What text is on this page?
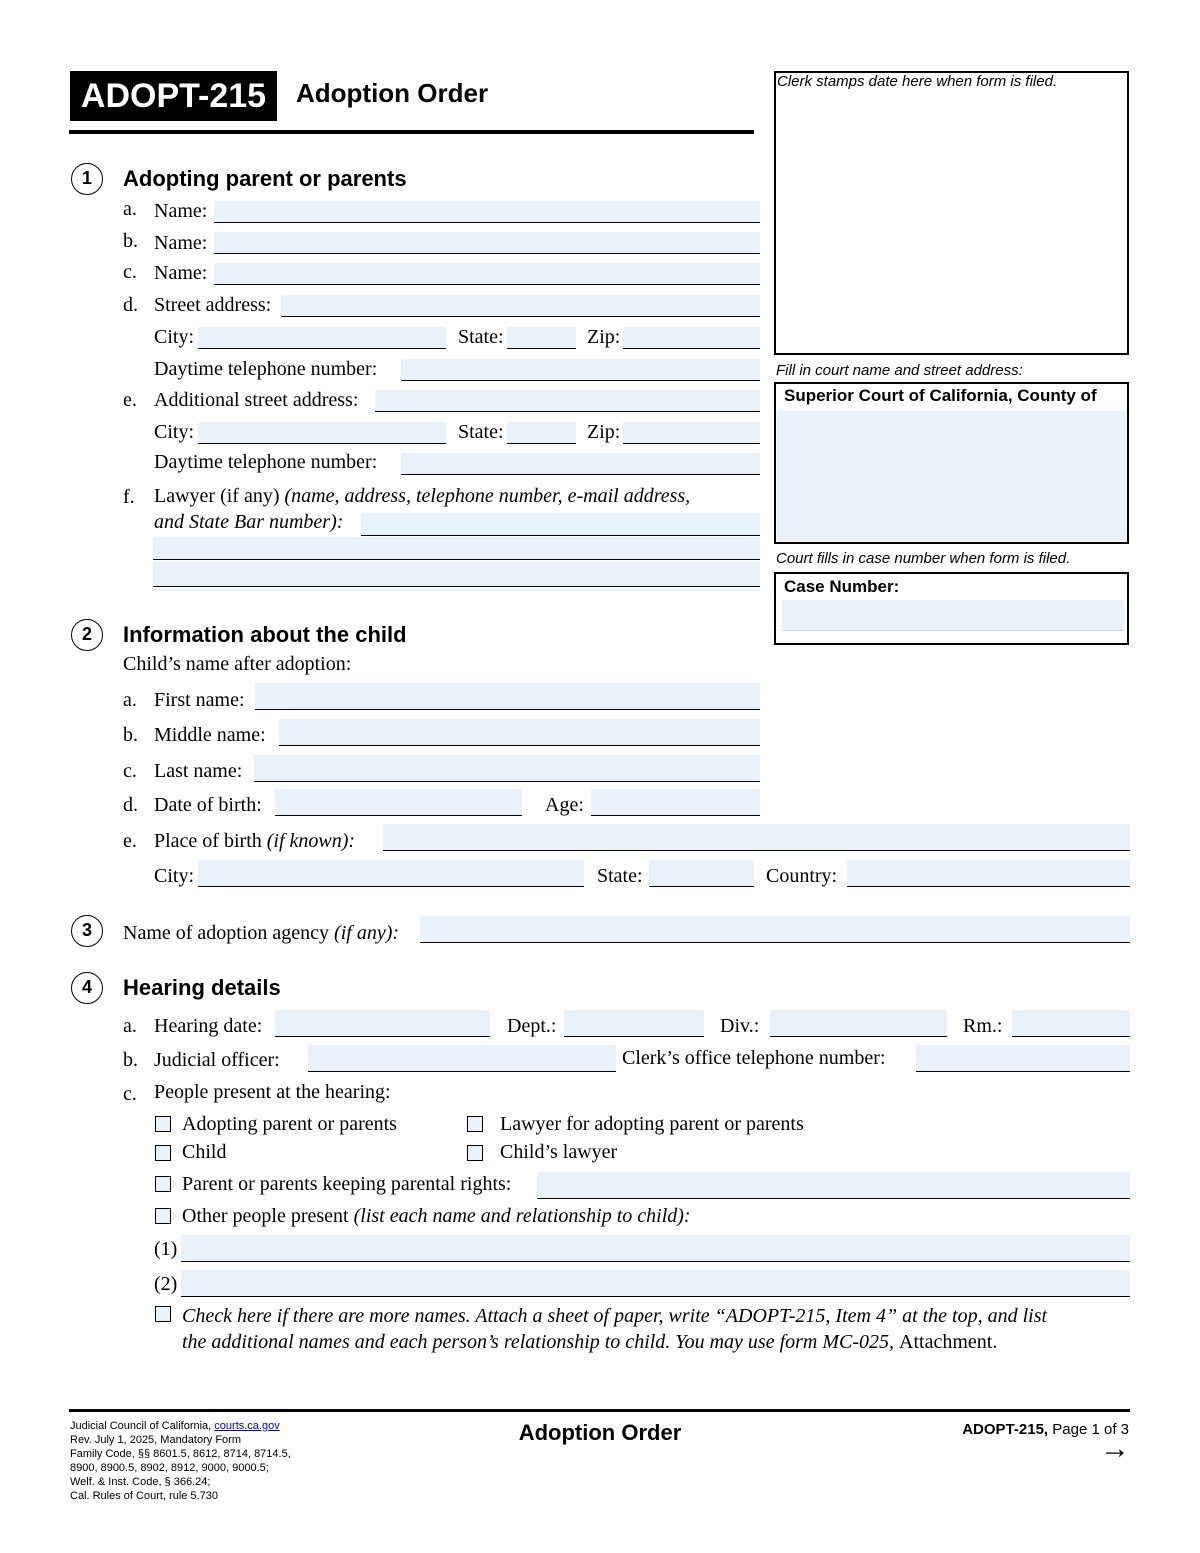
ADOPT-215	Adoption Order	Clerk stamps date here when form is filed.
Fill in court name and street address:
Superior Court of California, County of
Court fills in case number when form is filed.
Case Number:
1	Adopting parent or parents
a. Name:
b. Name:
c. Name:
d. Street address:
City:	State:	Zip:
Daytime telephone number:
e. Additional street address:
City:	State:	Zip:
Daytime telephone number:
f. Lawyer (if any) (name, address, telephone number, e-mail address,
and State Bar number):
2	Information about the child
Child’s name after adoption:
a. First name:
b. Middle name:
c. Last name:
d. Date of birth:	Age:
e. Place of birth (if known):
City:	State:	Country:
3	Name of adoption agency (if any):
4	Hearing details
a. Hearing date:	Dept.:	Div.:	Rm.:
b. Judicial officer:	Clerk’s office telephone number:
c. People present at the hearing:
Adopting parent or parents	Lawyer for adopting parent or parents
Child	Child’s lawyer
Parent or parents keeping parental rights:
Other people present (list each name and relationship to child):
(1)
(2)
Check here if there are more names. Attach a sheet of paper, write “ADOPT-215, Item 4” at the top, and list
the additional names and each person’s relationship to child. You may use form MC-025, Attachment.
Judicial Council of California, courts.ca.gov
Rev. July 1, 2025, Mandatory Form
Family Code, §§ 8601.5, 8612, 8714, 8714.5,
8900, 8900.5, 8902, 8912, 9000, 9000.5;
Welf. & Inst. Code, § 366.24;
Cal. Rules of Court, rule 5.730
Adoption Order	ADOPT-215, Page 1 of 3
→
